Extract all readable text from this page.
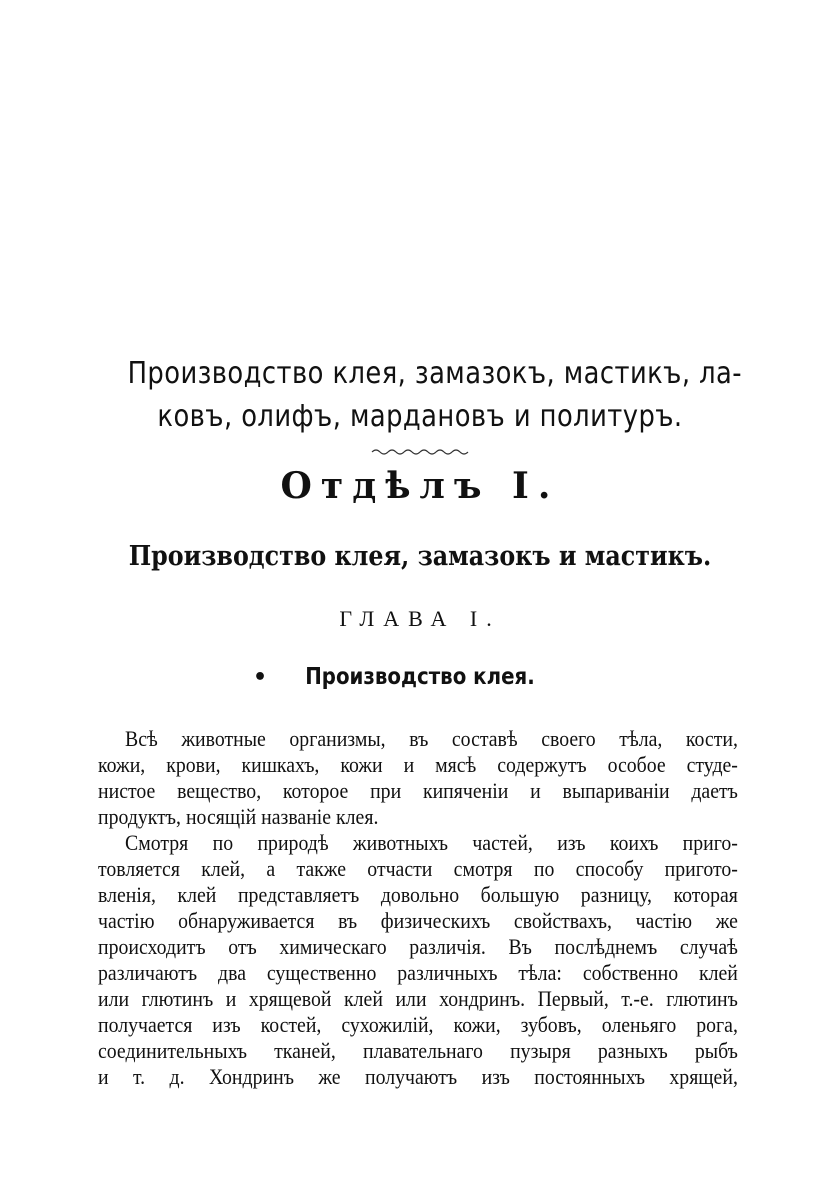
Производство клея, замазокъ, мастикъ, ла-
ковъ, олифъ, мардановъ и политуръ.
Отдѣлъ I.
Производство клея, замазокъ и мастикъ.
ГЛАВА I.
•	Производство клея.
Всѣ животные организмы, въ составѣ своего тѣла, кости,
кожи, крови, кишкахъ, кожи и мясѣ содержутъ особое студе-
нистое вещество, которое при кипяченіи и выпариваніи даетъ
продуктъ, носящій названіе клея.
Смотря по природѣ животныхъ частей, изъ коихъ приго-
товляется клей, а также отчасти смотря по способу пригото-
вленія, клей представляетъ довольно большую разницу, которая
частію обнаруживается въ физическихъ свойствахъ, частію же
происходитъ отъ химическаго различія. Въ послѣднемъ случаѣ
различаютъ два существенно различныхъ тѣла: собственно клей
или глютинъ и хрящевой клей или хондринъ. Первый, т.-е. глютинъ
получается изъ костей, сухожилій, кожи, зубовъ, оленьяго рога,
соединительныхъ тканей, плавательнаго пузыря разныхъ рыбъ
и т. д. Хондринъ же получаютъ изъ постоянныхъ хрящей,
